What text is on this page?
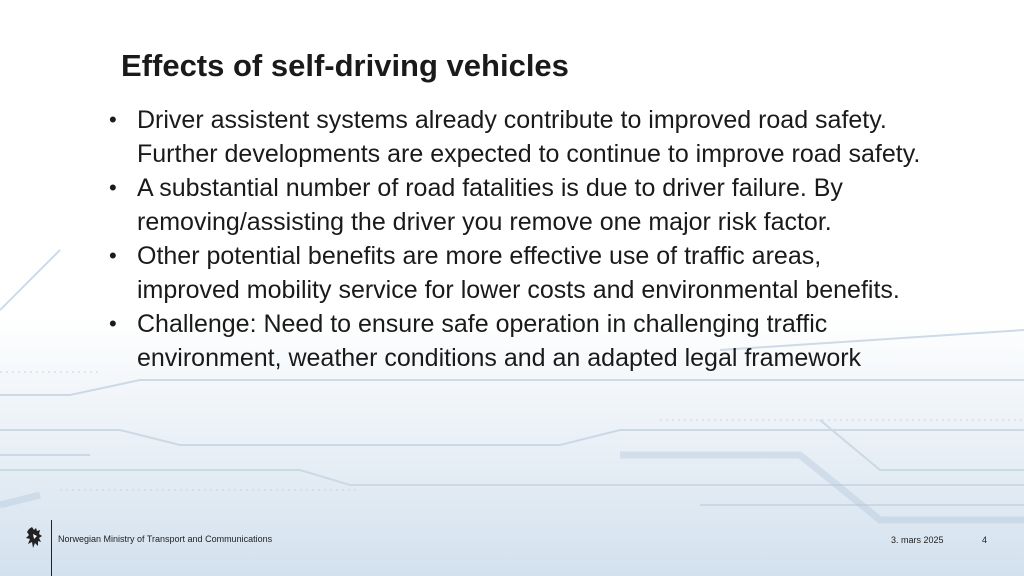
Effects of self-driving vehicles
• Driver assistent systems already contribute to improved road safety. Further developments are expected to continue to improve road safety.
• A substantial number of road fatalities is due to driver failure. By removing/assisting the driver you remove one major risk factor.
• Other potential benefits are more effective use of traffic areas, improved mobility service for lower costs and environmental benefits.
• Challenge: Need to ensure safe operation in challenging traffic environment, weather conditions and an adapted legal framework
Norwegian Ministry of Transport and Communications	3. mars 2025	4
